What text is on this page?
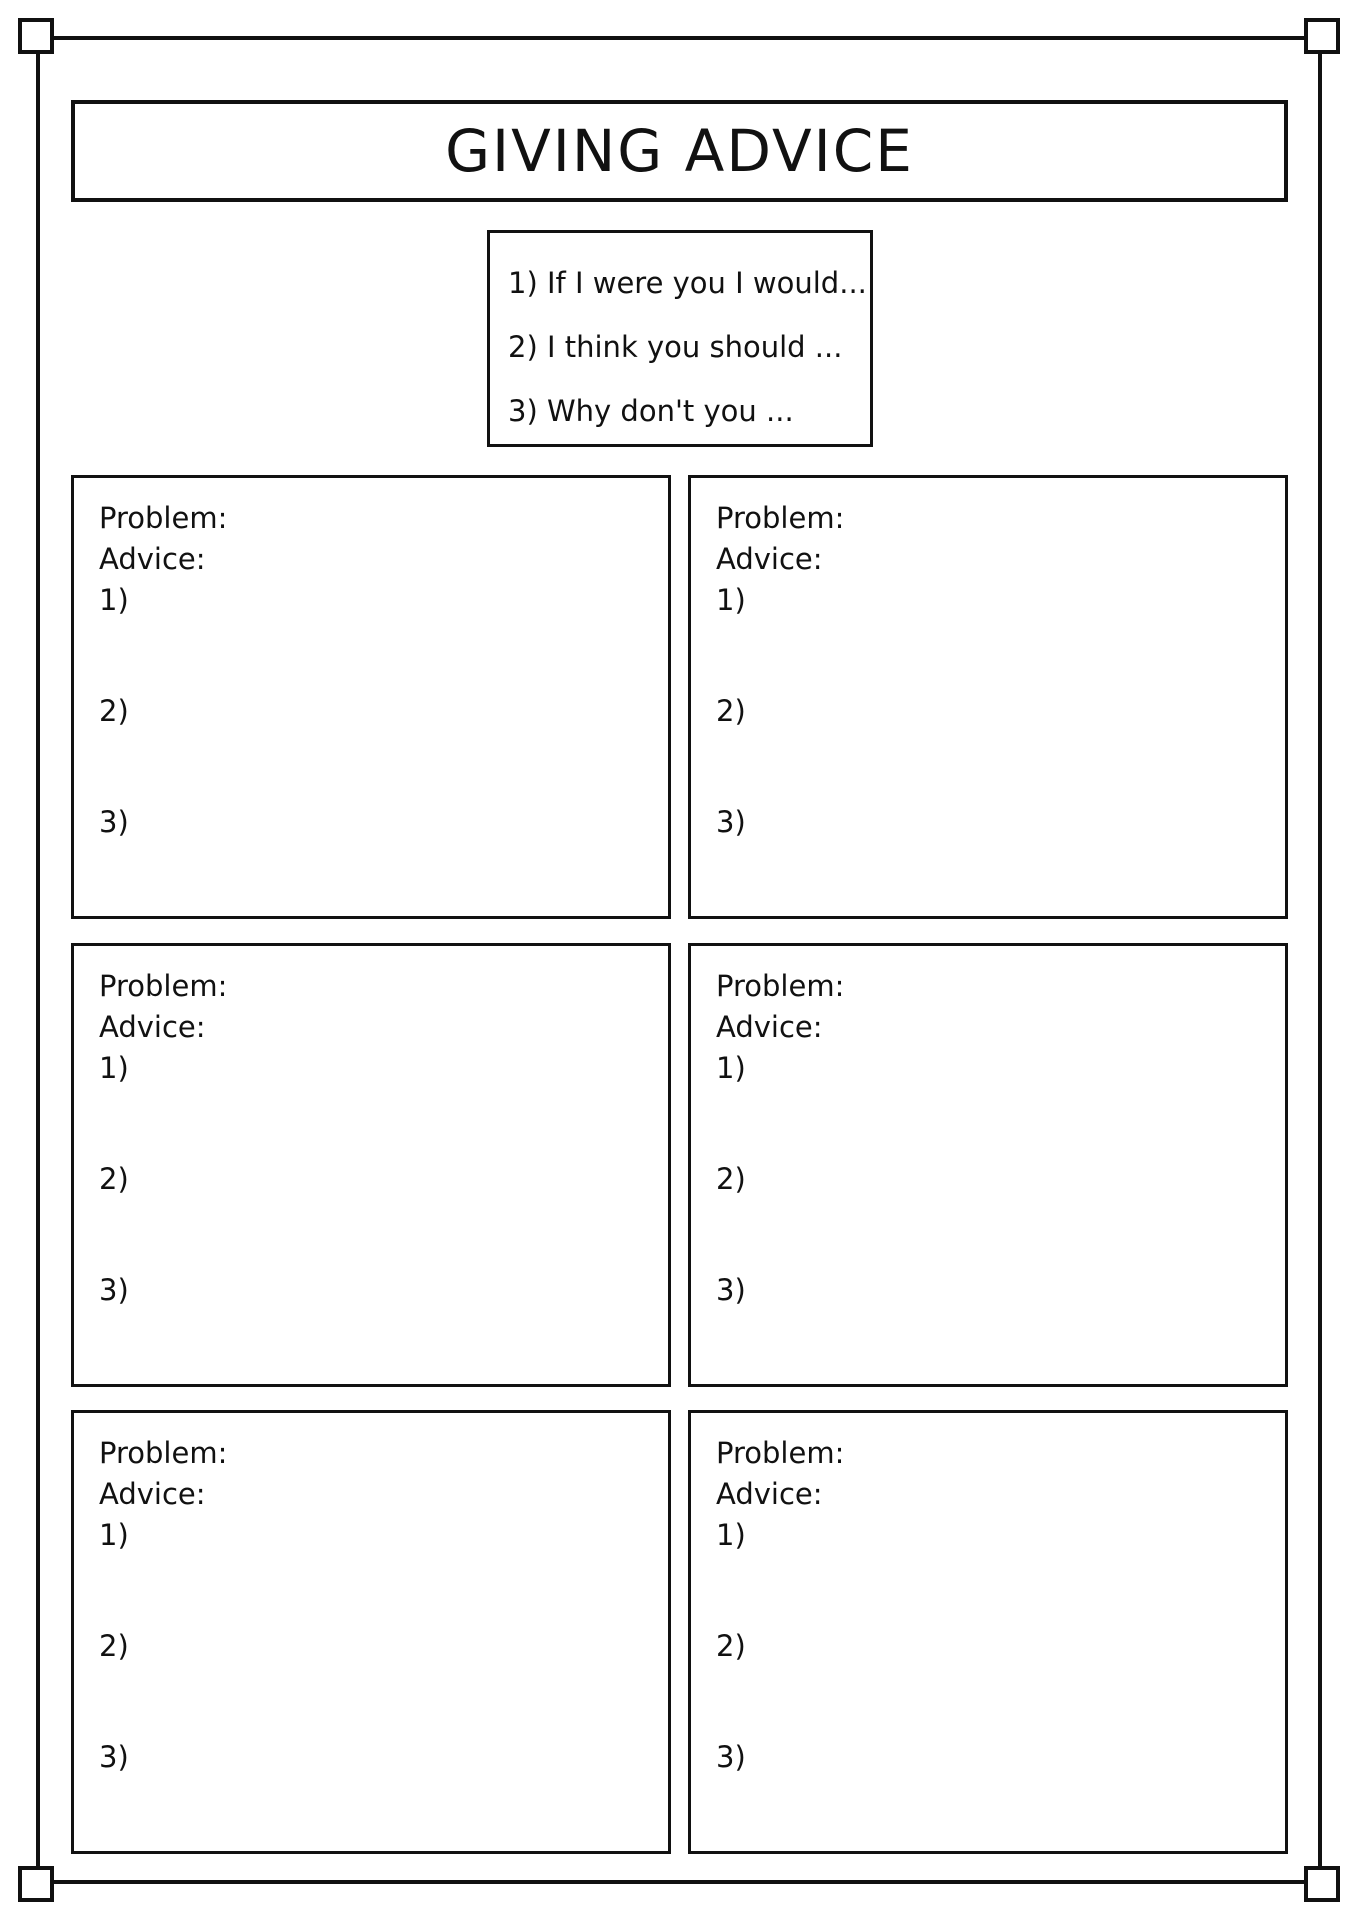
GIVING ADVICE
1) If I were you I would...
2) I think you should ...
3) Why don't you ...
Problem:
Advice:
1)
2)
3)
Problem:
Advice:
1)
2)
3)
Problem:
Advice:
1)
2)
3)
Problem:
Advice:
1)
2)
3)
Problem:
Advice:
1)
2)
3)
Problem:
Advice:
1)
2)
3)
